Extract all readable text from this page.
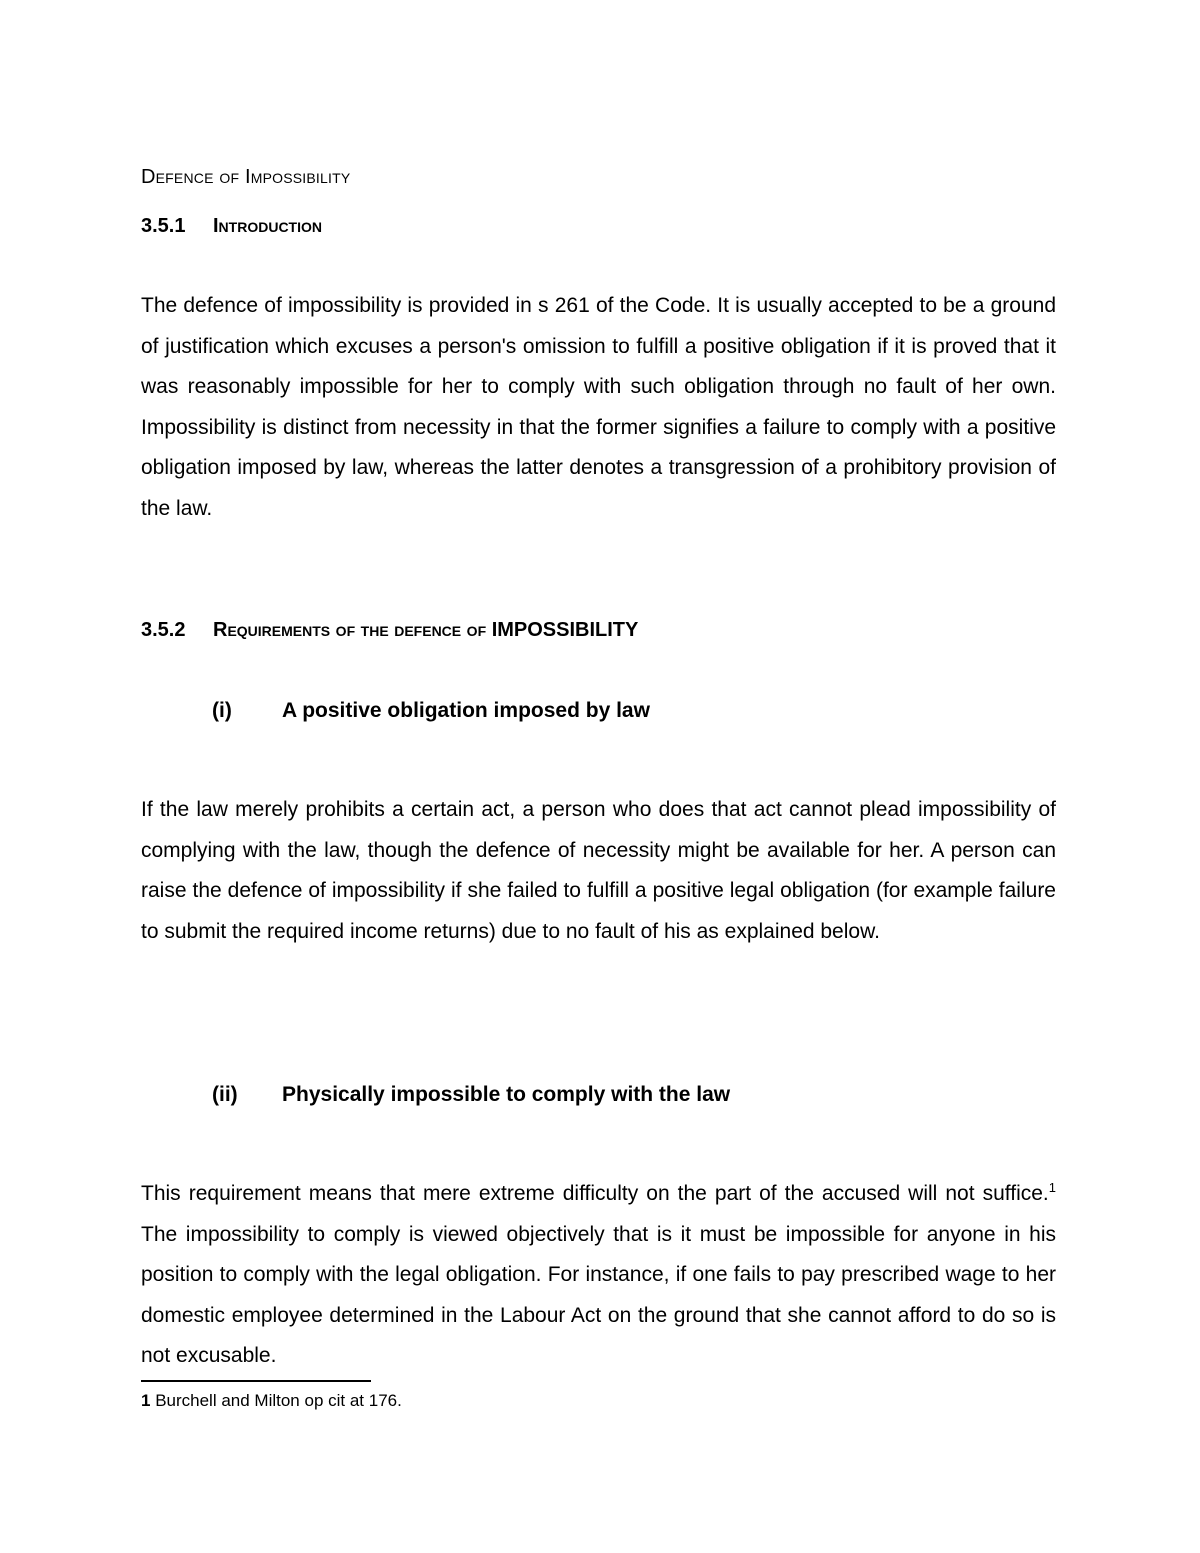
Defence of Impossibility
3.5.1 Introduction

The defence of impossibility is provided in s 261 of the Code. It is usually accepted to be a ground of justification which excuses a person's omission to fulfill a positive obligation if it is proved that it was reasonably impossible for her to comply with such obligation through no fault of her own. Impossibility is distinct from necessity in that the former signifies a failure to comply with a positive obligation imposed by law, whereas the latter denotes a transgression of a prohibitory provision of the law.

3.5.2 Requirements of the defence of IMPOSSIBILITY
(i) A positive obligation imposed by law

If the law merely prohibits a certain act, a person who does that act cannot plead impossibility of complying with the law, though the defence of necessity might be available for her. A person can raise the defence of impossibility if she failed to fulfill a positive legal obligation (for example failure to submit the required income returns) due to no fault of his as explained below.

(ii) Physically impossible to comply with the law

This requirement means that mere extreme difficulty on the part of the accused will not suffice.$^1$ The impossibility to comply is viewed objectively that is it must be impossible for anyone in his position to comply with the legal obligation. For instance, if one fails to pay prescribed wage to her domestic employee determined in the Labour Act on the ground that she cannot afford to do so is not excusable.

1 Burchell and Milton op cit at 176.
